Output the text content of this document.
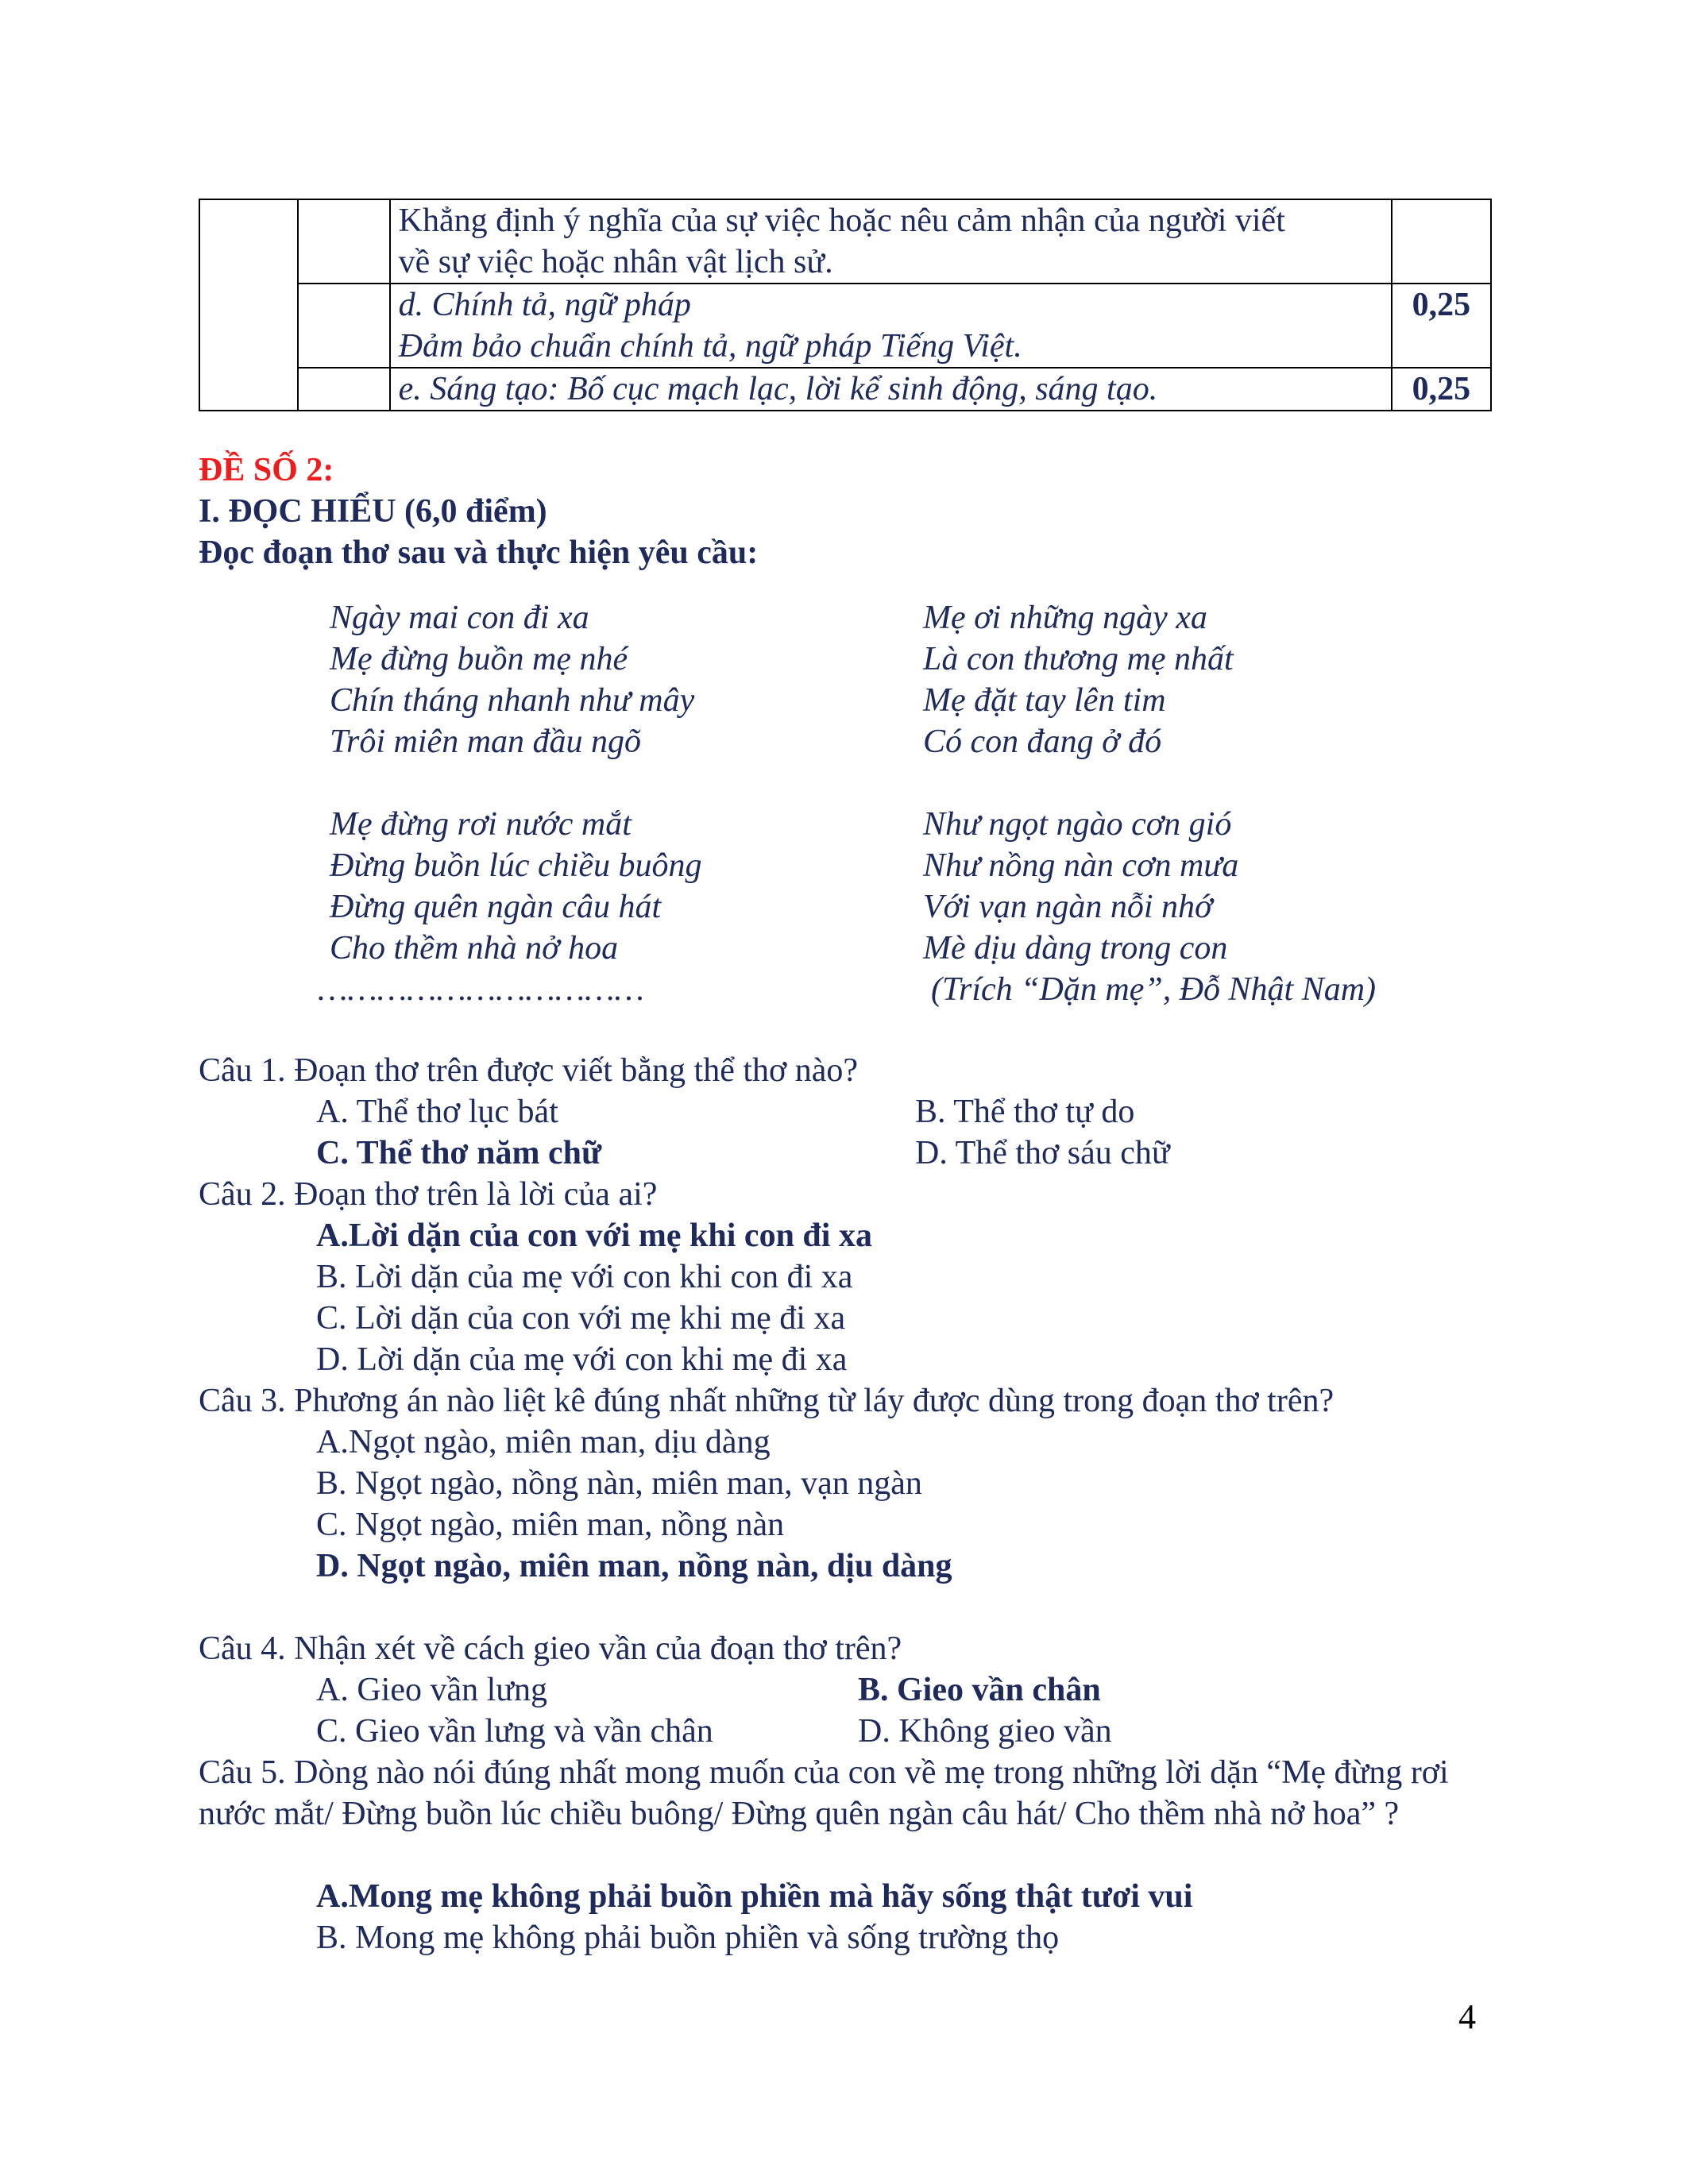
		Khẳng định ý nghĩa của sự việc hoặc nêu cảm nhận của người viết
về sự việc hoặc nhân vật lịch sử.	

		d. Chính tả, ngữ pháp
Đảm bảo chuẩn chính tả, ngữ pháp Tiếng Việt.	0,25

		e. Sáng tạo: Bố cục mạch lạc, lời kể sinh động, sáng tạo.	0,25
ĐỀ SỐ 2:
I. ĐỌC HIỂU (6,0 điểm)
Đọc đoạn thơ sau và thực hiện yêu cầu:
Ngày mai con đi xa
Mẹ đừng buồn mẹ nhé
Chín tháng nhanh như mây
Trôi miên man đầu ngõ
Mẹ đừng rơi nước mắt
Đừng buồn lúc chiều buông
Đừng quên ngàn câu hát
Cho thềm nhà nở hoa
……………………………
Mẹ ơi những ngày xa
Là con thương mẹ nhất
Mẹ đặt tay lên tim
Có con đang ở đó
Như ngọt ngào cơn gió
Như nồng nàn cơn mưa
Với vạn ngàn nỗi nhớ
Mè dịu dàng trong con
(Trích “Dặn mẹ”, Đỗ Nhật Nam)
Câu 1. Đoạn thơ trên được viết bằng thể thơ nào?
A. Thể thơ lục bát	B. Thể thơ tự do
C. Thể thơ năm chữ	D. Thể thơ sáu chữ
Câu 2. Đoạn thơ trên là lời của ai?
A.Lời dặn của con với mẹ khi con đi xa
B. Lời dặn của mẹ với con khi con đi xa
C. Lời dặn của con với mẹ khi mẹ đi xa
D. Lời dặn của mẹ với con khi mẹ đi xa
Câu 3. Phương án nào liệt kê đúng nhất những từ láy được dùng trong đoạn thơ trên?
A.Ngọt ngào, miên man, dịu dàng
B. Ngọt ngào, nồng nàn, miên man, vạn ngàn
C. Ngọt ngào, miên man, nồng nàn
D. Ngọt ngào, miên man, nồng nàn, dịu dàng
Câu 4. Nhận xét về cách gieo vần của đoạn thơ trên?
A. Gieo vần lưng	B. Gieo vần chân
C. Gieo vần lưng và vần chân	D. Không gieo vần
Câu 5. Dòng nào nói đúng nhất mong muốn của con về mẹ trong những lời dặn “Mẹ đừng rơi nước mắt/ Đừng buồn lúc chiều buông/ Đừng quên ngàn câu hát/ Cho thềm nhà nở hoa” ?
A.Mong mẹ không phải buồn phiền mà hãy sống thật tươi vui
B. Mong mẹ không phải buồn phiền và sống trường thọ
4
